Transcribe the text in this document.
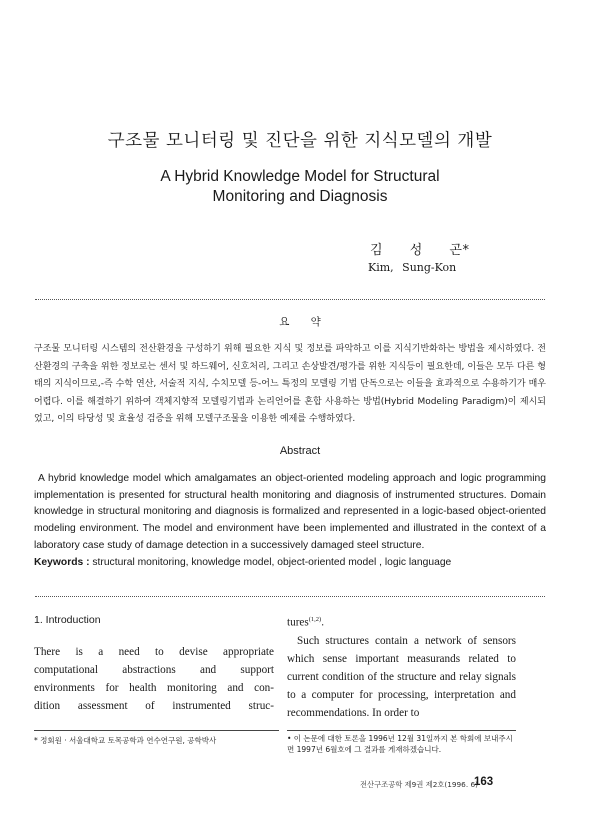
구조물 모니터링 및 진단을 위한 지식모델의 개발
A Hybrid Knowledge Model for Structural
Monitoring and Diagnosis
김 성 곤*
Kim, Sung-Kon
요 약
구조물 모니터링 시스템의 전산환경을 구성하기 위해 필요한 지식 및 정보를 파악하고 이를 지식기반화하는 방법을 제시하였다. 전산환경의 구축을 위한 정보로는 센서 및 하드웨어, 신호처리, 그리고 손상발견/평가를 위한 지식등이 필요한데, 이들은 모두 다른 형태의 지식이므로,-즉 수학 연산, 서술적 지식, 수치모델 등-어느 특정의 모델링 기법 단독으로는 이들을 효과적으로 수용하기가 매우 어렵다. 이를 해결하기 위하여 객체지향적 모델링기법과 논리언어를 혼합 사용하는 방법(Hybrid Modeling Paradigm)이 제시되었고, 이의 타당성 및 효율성 검증을 위해 모델구조물을 이용한 예제를 수행하였다.
Abstract

A hybrid knowledge model which amalgamates an object-oriented modeling approach and logic programming implementation is presented for structural health monitoring and diagnosis of instrumented structures. Domain knowledge in structural monitoring and diagnosis is formalized and represented in a logic-based object-oriented modeling environment. The model and environment have been implemented and illustrated in the context of a laboratory case study of damage detection in a successively damaged steel structure.

Keywords : structural monitoring, knowledge model, object-oriented model , logic language
1. Introduction
There is a need to devise appropriate
computational abstractions and support
environments for health monitoring and con-
dition assessment of instrumented struc-

tures$^{(1,2)}$.

Such structures contain a network of sensors which sense important measurands related to current condition of the structure and relay signals to a computer for processing, interpretation and recommendations. In order to

* 정회원 · 서울대학교 토목공학과 연수연구원, 공학박사	• 이 논문에 대한 토론을 1996년 12월 31일까지 본 학회에 보내주시면 1997년 6월호에 그 결과를 게재하겠습니다.
전산구조공학 제9권 제2호(1996. 6)
163
